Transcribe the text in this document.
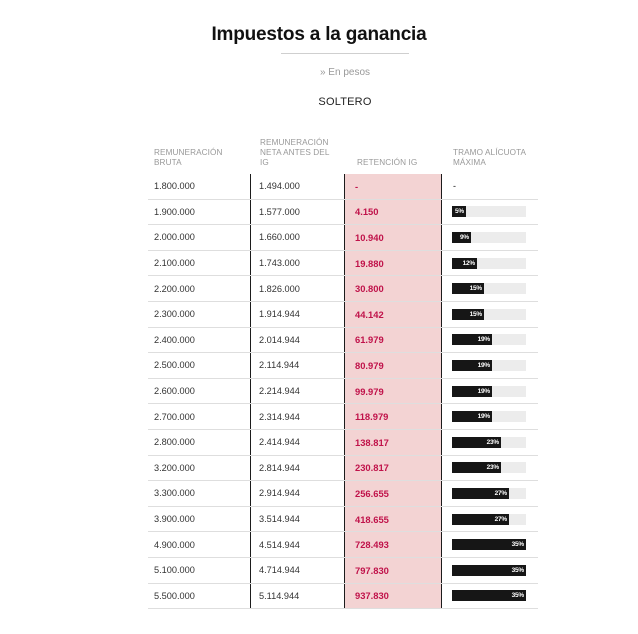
Impuestos a la ganancia
» En pesos
SOLTERO
REMUNERACIÓN BRUTA
REMUNERACIÓN NETA ANTES DEL IG	RETENCIÓN IG
TRAMO ALÍCUOTA MÁXIMA
1.800.000	1.494.000	-	-
1.900.000	1.577.000	4.150	5%
2.000.000	1.660.000	10.940	9%
2.100.000	1.743.000	19.880	12%
2.200.000	1.826.000	30.800	15%
2.300.000	1.914.944	44.142	15%
2.400.000	2.014.944	61.979	19%
2.500.000	2.114.944	80.979	19%
2.600.000	2.214.944	99.979	19%
2.700.000	2.314.944	118.979	19%
2.800.000	2.414.944	138.817	23%
3.200.000	2.814.944	230.817	23%
3.300.000	2.914.944	256.655	27%
3.900.000	3.514.944	418.655	27%
4.900.000	4.514.944	728.493	35%
5.100.000	4.714.944	797.830	35%
5.500.000	5.114.944	937.830	35%
